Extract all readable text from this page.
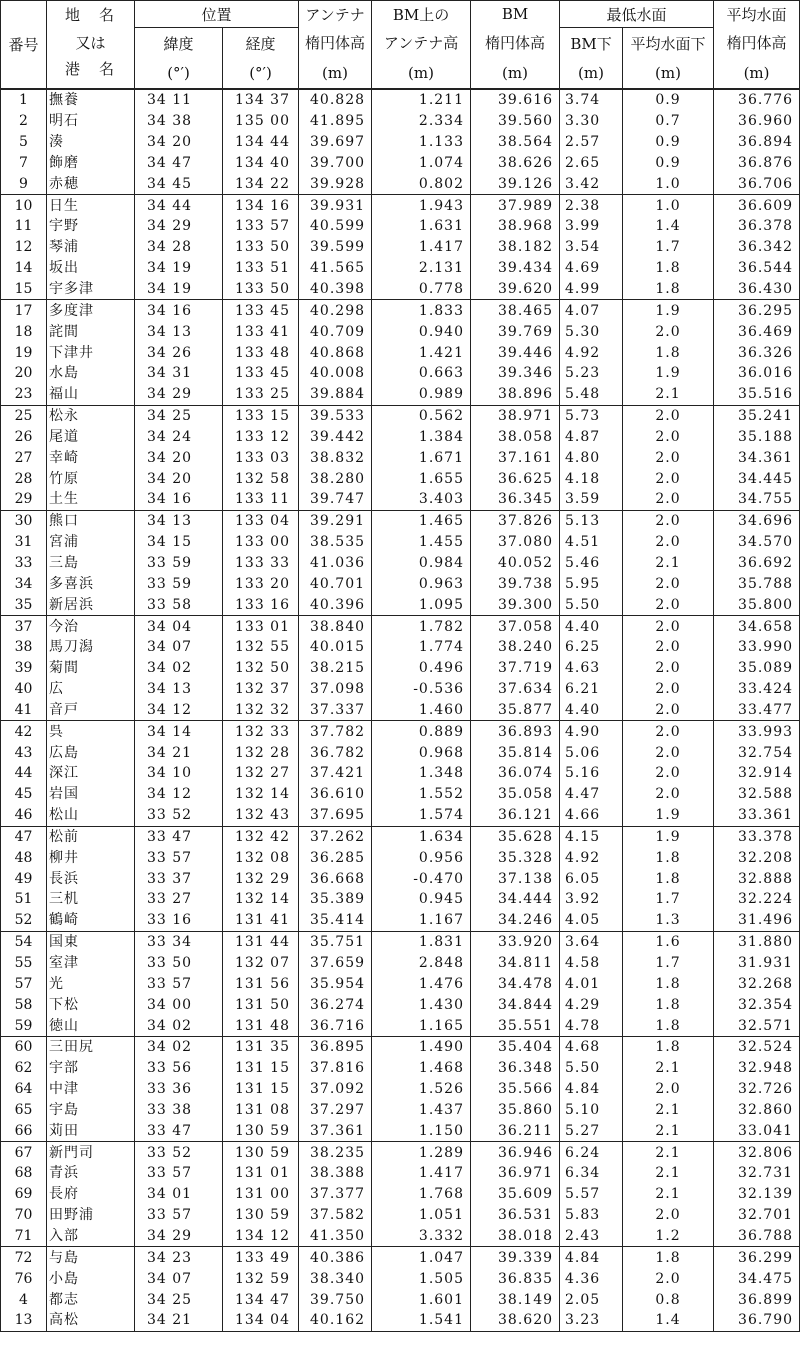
番号	地　名	位置		アンテナ	BM上の	BM	最低水面		平均水面
	又は	緯度	経度	楕円体高	アンテナ高	楕円体高	BM下	平均水面下	楕円体高
	港　名	(°′)	(°′)	(m)	(m)	(m)	(m)	(m)	(m)
1	撫養	34 11	134 37	40.828	1.211	39.616	3.74	0.9	36.776
2	明石	34 38	135 00	41.895	2.334	39.560	3.30	0.7	36.960
5	湊	34 20	134 44	39.697	1.133	38.564	2.57	0.9	36.894
7	飾磨	34 47	134 40	39.700	1.074	38.626	2.65	0.9	36.876
9	赤穂	34 45	134 22	39.928	0.802	39.126	3.42	1.0	36.706
10	日生	34 44	134 16	39.931	1.943	37.989	2.38	1.0	36.609
11	宇野	34 29	133 57	40.599	1.631	38.968	3.99	1.4	36.378
12	琴浦	34 28	133 50	39.599	1.417	38.182	3.54	1.7	36.342
14	坂出	34 19	133 51	41.565	2.131	39.434	4.69	1.8	36.544
15	宇多津	34 19	133 50	40.398	0.778	39.620	4.99	1.8	36.430
17	多度津	34 16	133 45	40.298	1.833	38.465	4.07	1.9	36.295
18	詫間	34 13	133 41	40.709	0.940	39.769	5.30	2.0	36.469
19	下津井	34 26	133 48	40.868	1.421	39.446	4.92	1.8	36.326
20	水島	34 31	133 45	40.008	0.663	39.346	5.23	1.9	36.016
23	福山	34 29	133 25	39.884	0.989	38.896	5.48	2.1	35.516
25	松永	34 25	133 15	39.533	0.562	38.971	5.73	2.0	35.241
26	尾道	34 24	133 12	39.442	1.384	38.058	4.87	2.0	35.188
27	幸崎	34 20	133 03	38.832	1.671	37.161	4.80	2.0	34.361
28	竹原	34 20	132 58	38.280	1.655	36.625	4.18	2.0	34.445
29	土生	34 16	133 11	39.747	3.403	36.345	3.59	2.0	34.755
30	熊口	34 13	133 04	39.291	1.465	37.826	5.13	2.0	34.696
31	宮浦	34 15	133 00	38.535	1.455	37.080	4.51	2.0	34.570
33	三島	33 59	133 33	41.036	0.984	40.052	5.46	2.1	36.692
34	多喜浜	33 59	133 20	40.701	0.963	39.738	5.95	2.0	35.788
35	新居浜	33 58	133 16	40.396	1.095	39.300	5.50	2.0	35.800
37	今治	34 04	133 01	38.840	1.782	37.058	4.40	2.0	34.658
38	馬刀潟	34 07	132 55	40.015	1.774	38.240	6.25	2.0	33.990
39	菊間	34 02	132 50	38.215	0.496	37.719	4.63	2.0	35.089
40	広	34 13	132 37	37.098	-0.536	37.634	6.21	2.0	33.424
41	音戸	34 12	132 32	37.337	1.460	35.877	4.40	2.0	33.477
42	呉	34 14	132 33	37.782	0.889	36.893	4.90	2.0	33.993
43	広島	34 21	132 28	36.782	0.968	35.814	5.06	2.0	32.754
44	深江	34 10	132 27	37.421	1.348	36.074	5.16	2.0	32.914
45	岩国	34 12	132 14	36.610	1.552	35.058	4.47	2.0	32.588
46	松山	33 52	132 43	37.695	1.574	36.121	4.66	1.9	33.361
47	松前	33 47	132 42	37.262	1.634	35.628	4.15	1.9	33.378
48	柳井	33 57	132 08	36.285	0.956	35.328	4.92	1.8	32.208
49	長浜	33 37	132 29	36.668	-0.470	37.138	6.05	1.8	32.888
51	三机	33 27	132 14	35.389	0.945	34.444	3.92	1.7	32.224
52	鶴崎	33 16	131 41	35.414	1.167	34.246	4.05	1.3	31.496
54	国東	33 34	131 44	35.751	1.831	33.920	3.64	1.6	31.880
55	室津	33 50	132 07	37.659	2.848	34.811	4.58	1.7	31.931
57	光	33 57	131 56	35.954	1.476	34.478	4.01	1.8	32.268
58	下松	34 00	131 50	36.274	1.430	34.844	4.29	1.8	32.354
59	徳山	34 02	131 48	36.716	1.165	35.551	4.78	1.8	32.571
60	三田尻	34 02	131 35	36.895	1.490	35.404	4.68	1.8	32.524
62	宇部	33 56	131 15	37.816	1.468	36.348	5.50	2.1	32.948
64	中津	33 36	131 15	37.092	1.526	35.566	4.84	2.0	32.726
65	宇島	33 38	131 08	37.297	1.437	35.860	5.10	2.1	32.860
66	苅田	33 47	130 59	37.361	1.150	36.211	5.27	2.1	33.041
67	新門司	33 52	130 59	38.235	1.289	36.946	6.24	2.1	32.806
68	青浜	33 57	131 01	38.388	1.417	36.971	6.34	2.1	32.731
69	長府	34 01	131 00	37.377	1.768	35.609	5.57	2.1	32.139
70	田野浦	33 57	130 59	37.582	1.051	36.531	5.83	2.0	32.701
71	入部	34 29	134 12	41.350	3.332	38.018	2.43	1.2	36.788
72	与島	34 23	133 49	40.386	1.047	39.339	4.84	1.8	36.299
76	小島	34 07	132 59	38.340	1.505	36.835	4.36	2.0	34.475
4	都志	34 25	134 47	39.750	1.601	38.149	2.05	0.8	36.899
13	高松	34 21	134 04	40.162	1.541	38.620	3.23	1.4	36.790
